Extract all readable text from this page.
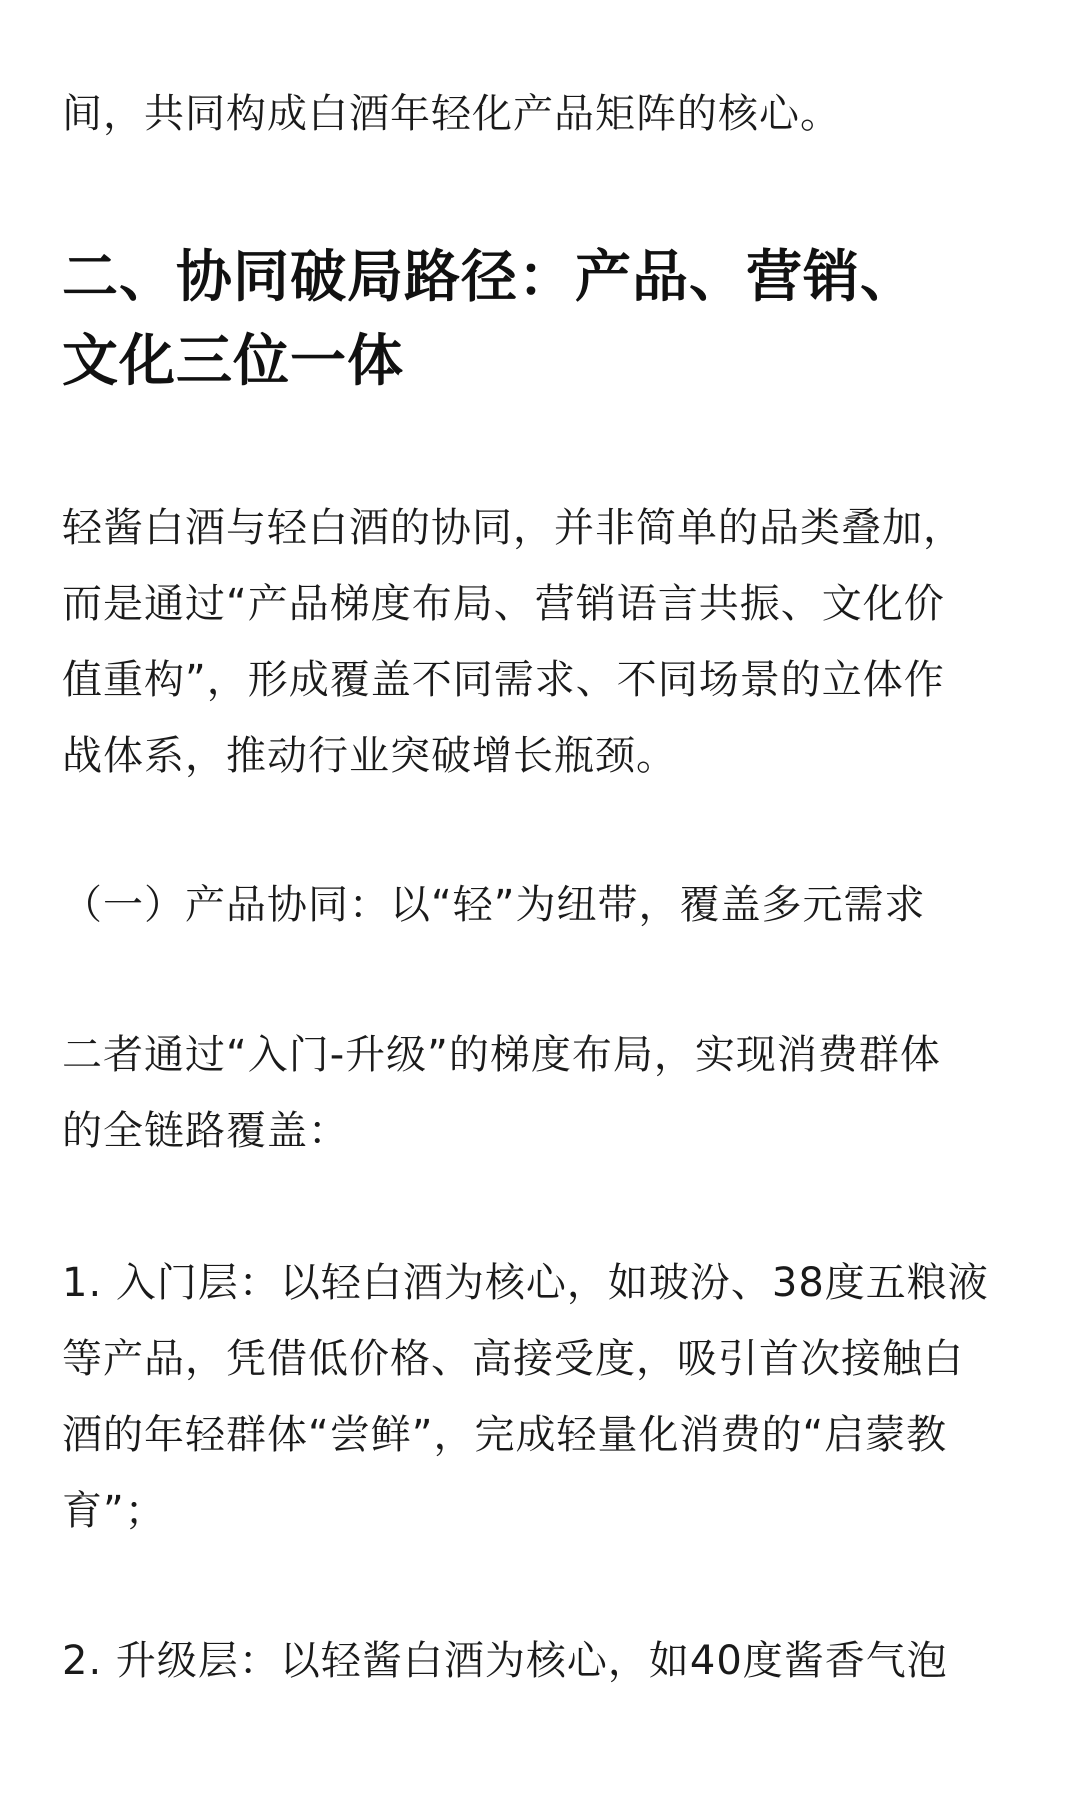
间，共同构成白酒年轻化产品矩阵的核心。

二、协同破局路径：产品、营销、
文化三位一体

轻酱白酒与轻白酒的协同，并非简单的品类叠加，
而是通过“产品梯度布局、营销语言共振、文化价
值重构”，形成覆盖不同需求、不同场景的立体作
战体系，推动行业突破增长瓶颈。

（一）产品协同：以“轻”为纽带，覆盖多元需求

二者通过“入门-升级”的梯度布局，实现消费群体
的全链路覆盖：

1. 入门层：以轻白酒为核心，如玻汾、38度五粮液
等产品，凭借低价格、高接受度，吸引首次接触白
酒的年轻群体“尝鲜”，完成轻量化消费的“启蒙教
育”；

2. 升级层：以轻酱白酒为核心，如40度酱香气泡
